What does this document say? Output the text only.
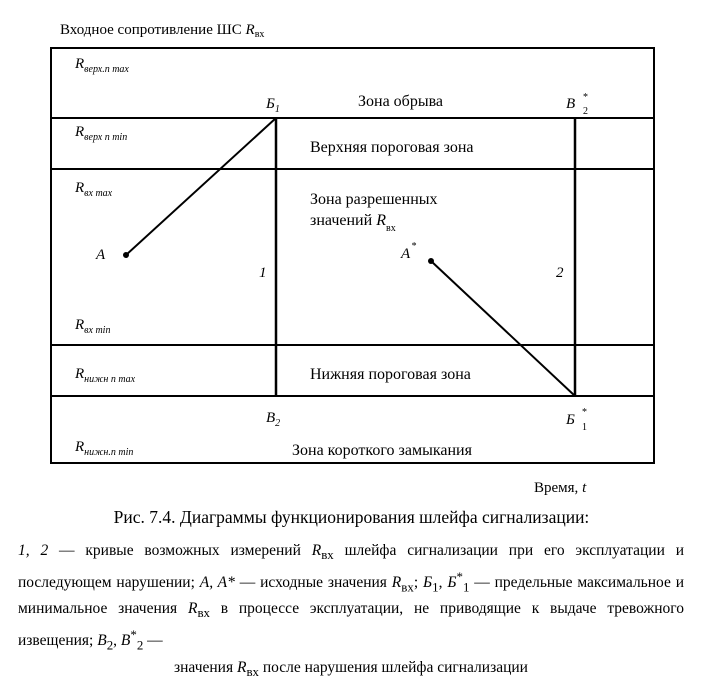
Входное сопротивление ШС $R_{вх}$
$R_{верх.п max}$
$R_{верх п min}$
$R_{вх max}$
$R_{вх min}$
$R_{нижн п max}$
$R_{нижн.п min}$
Зона обрыва
Верхняя пороговая зона
Зона разрешенных
значений $R_{вх}$
Нижняя пороговая зона
Зона короткого замыкания
A	A*
$Б_1$	В *
2
$В_2$	Б *
1
1	2
Время, t
Рис. 7.4. Диаграммы функционирования шлейфа сигнализации:
1, 2 — кривые возможных измерений $R_{вх}$ шлейфа сигнализации при его эксплуатации и последующем нарушении; A, A* — исходные значения $R_{вх}$; $Б_1$, $Б^*_1$ — предельные максимальное и минимальное значения $R_{вх}$ в процессе эксплуатации, не приводящие к выдаче тревожного извещения; $В_2$, $В^*_2$ —
значения $R_{вх}$ после нарушения шлейфа сигнализации
